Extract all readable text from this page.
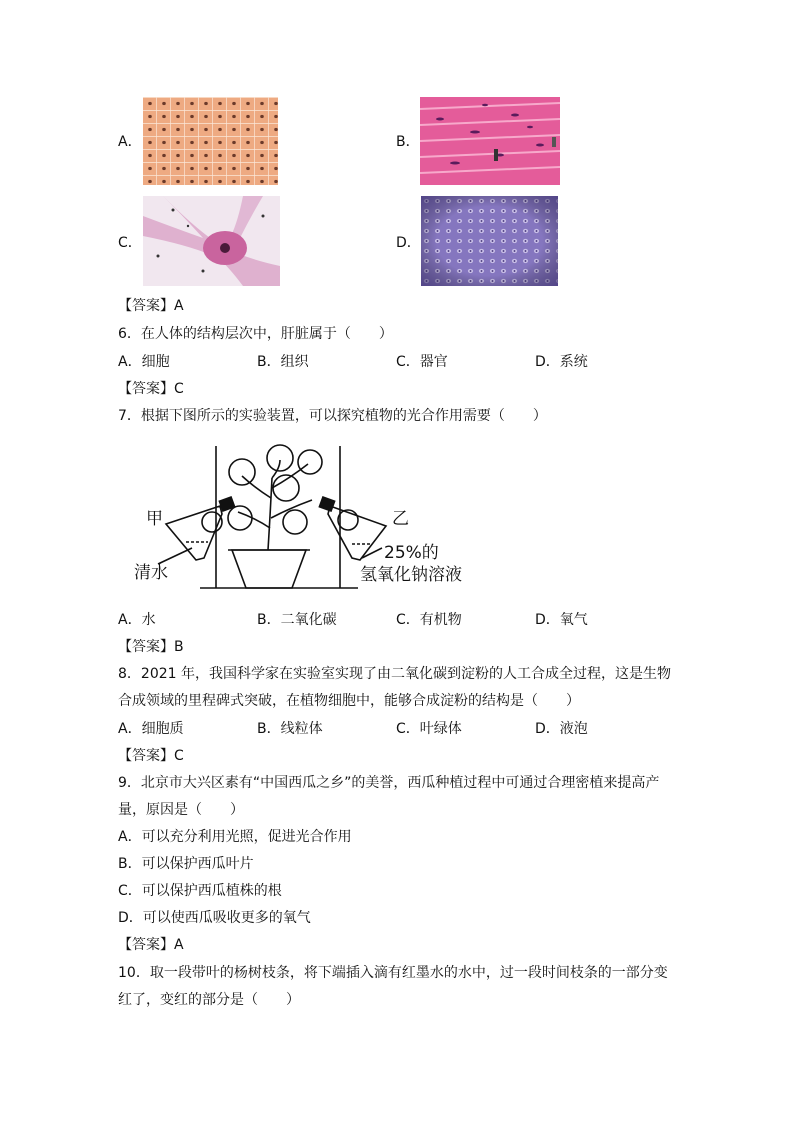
A．	B．
C．	D．
【答案】A
6．在人体的结构层次中，肝脏属于（　　）
A．细胞	B．组织	C．器官	D．系统
【答案】C
7．根据下图所示的实验装置，可以探究植物的光合作用需要（　　）
甲	乙
清水
25%的
氢氧化钠溶液
A．水	B．二氧化碳	C．有机物	D．氧气
【答案】B
8．2021 年，我国科学家在实验室实现了由二氧化碳到淀粉的人工合成全过程，这是生物
合成领域的里程碑式突破，在植物细胞中，能够合成淀粉的结构是（　　）
A．细胞质	B．线粒体	C．叶绿体	D．液泡
【答案】C
9．北京市大兴区素有“中国西瓜之乡”的美誉，西瓜种植过程中可通过合理密植来提高产
量，原因是（　　）
A．可以充分利用光照，促进光合作用
B．可以保护西瓜叶片
C．可以保护西瓜植株的根
D．可以使西瓜吸收更多的氧气
【答案】A
10．取一段带叶的杨树枝条，将下端插入滴有红墨水的水中，过一段时间枝条的一部分变
红了，变红的部分是（　　）
